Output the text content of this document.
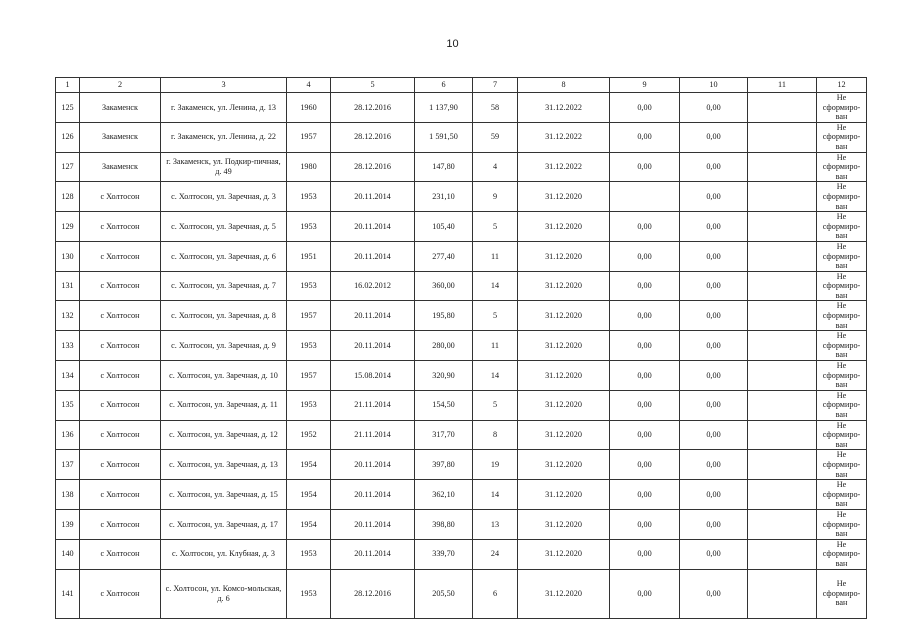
10
1	2	3	4	5	6	7	8	9	10	11	12
125	Закаменск	г. Закаменск, ул. Ленина, д. 13	1960	28.12.2016	1 137,90	58	31.12.2022	0,00	0,00		Не сформиро-ван
126	Закаменск	г. Закаменск, ул. Ленина, д. 22	1957	28.12.2016	1 591,50	59	31.12.2022	0,00	0,00		Не сформиро-ван
127	Закаменск	г. Закаменск, ул. Подкир-пичная, д. 49	1980	28.12.2016	147,80	4	31.12.2022	0,00	0,00		Не сформиро-ван
128	с Холтосон	с. Холтосон, ул. Заречная, д. 3	1953	20.11.2014	231,10	9	31.12.2020		0,00		Не сформиро-ван
129	с Холтосон	с. Холтосон, ул. Заречная, д. 5	1953	20.11.2014	105,40	5	31.12.2020	0,00	0,00		Не сформиро-ван
130	с Холтосон	с. Холтосон, ул. Заречная, д. 6	1951	20.11.2014	277,40	11	31.12.2020	0,00	0,00		Не сформиро-ван
131	с Холтосон	с. Холтосон, ул. Заречная, д. 7	1953	16.02.2012	360,00	14	31.12.2020	0,00	0,00		Не сформиро-ван
132	с Холтосон	с. Холтосон, ул. Заречная, д. 8	1957	20.11.2014	195,80	5	31.12.2020	0,00	0,00		Не сформиро-ван
133	с Холтосон	с. Холтосон, ул. Заречная, д. 9	1953	20.11.2014	280,00	11	31.12.2020	0,00	0,00		Не сформиро-ван
134	с Холтосон	с. Холтосон, ул. Заречная, д. 10	1957	15.08.2014	320,90	14	31.12.2020	0,00	0,00		Не сформиро-ван
135	с Холтосон	с. Холтосон, ул. Заречная, д. 11	1953	21.11.2014	154,50	5	31.12.2020	0,00	0,00		Не сформиро-ван
136	с Холтосон	с. Холтосон, ул. Заречная, д. 12	1952	21.11.2014	317,70	8	31.12.2020	0,00	0,00		Не сформиро-ван
137	с Холтосон	с. Холтосон, ул. Заречная, д. 13	1954	20.11.2014	397,80	19	31.12.2020	0,00	0,00		Не сформиро-ван
138	с Холтосон	с. Холтосон, ул. Заречная, д. 15	1954	20.11.2014	362,10	14	31.12.2020	0,00	0,00		Не сформиро-ван
139	с Холтосон	с. Холтосон, ул. Заречная, д. 17	1954	20.11.2014	398,80	13	31.12.2020	0,00	0,00		Не сформиро-ван
140	с Холтосон	с. Холтосон, ул. Клубная, д. 3	1953	20.11.2014	339,70	24	31.12.2020	0,00	0,00		Не сформиро-ван
141	с Холтосон	с. Холтосон, ул. Комсо-мольская, д. 6	1953	28.12.2016	205,50	6	31.12.2020	0,00	0,00		Не сформиро-ван
